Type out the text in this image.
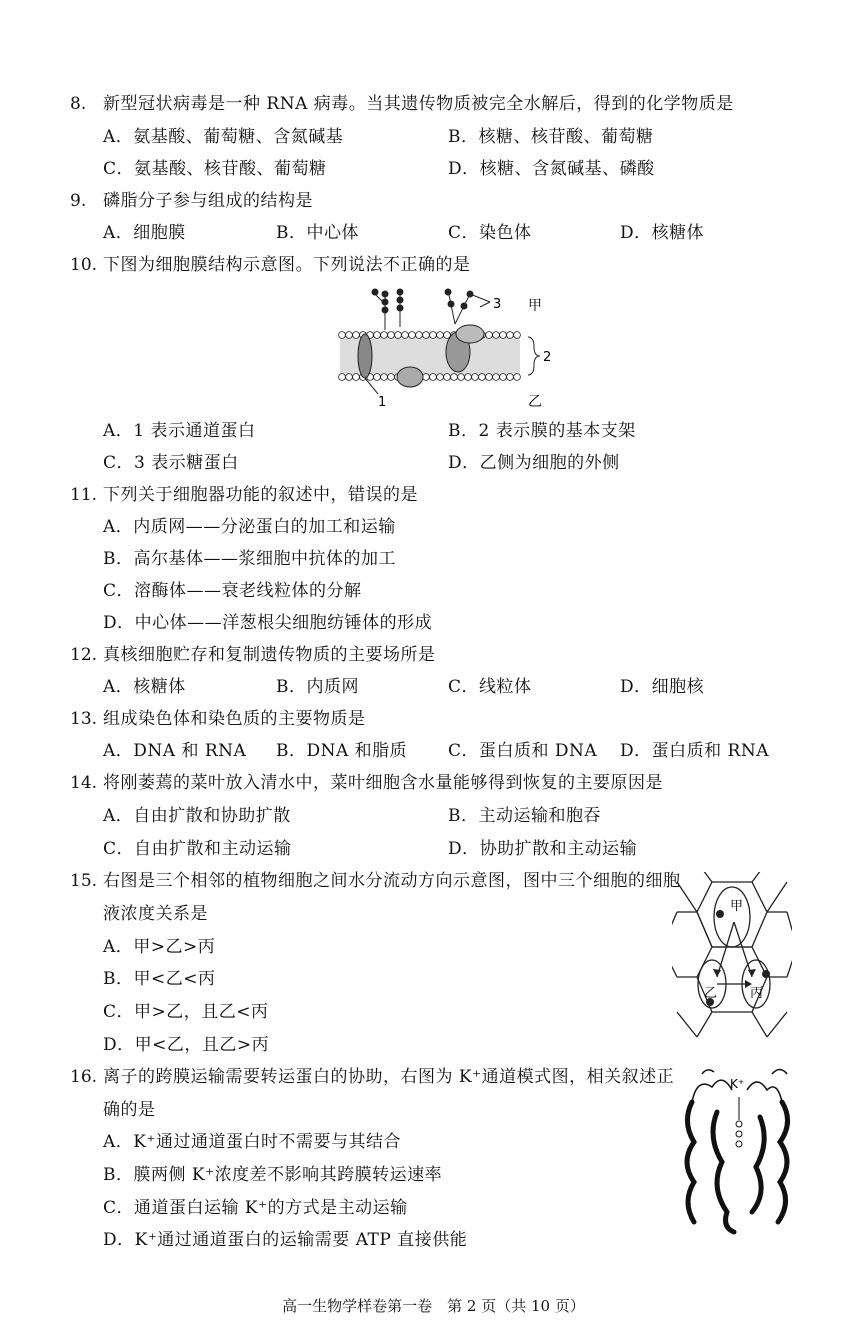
8. 新型冠状病毒是一种 RNA 病毒。当其遗传物质被完全水解后，得到的化学物质是
A．氨基酸、葡萄糖、含氮碱基	B．核糖、核苷酸、葡萄糖
C．氨基酸、核苷酸、葡萄糖	D．核糖、含氮碱基、磷酸
9. 磷脂分子参与组成的结构是
A．细胞膜	B．中心体	C．染色体	D．核糖体
10. 下图为细胞膜结构示意图。下列说法不正确的是
3 甲
2
1	乙
A．1 表示通道蛋白	B．2 表示膜的基本支架
C．3 表示糖蛋白	D．乙侧为细胞的外侧
11. 下列关于细胞器功能的叙述中，错误的是
A．内质网——分泌蛋白的加工和运输
B．高尔基体——浆细胞中抗体的加工
C．溶酶体——衰老线粒体的分解
D．中心体——洋葱根尖细胞纺锤体的形成
12. 真核细胞贮存和复制遗传物质的主要场所是
A．核糖体	B．内质网	C．线粒体	D．细胞核
13. 组成染色体和染色质的主要物质是
A．DNA 和 RNA B．DNA 和脂质 C．蛋白质和 DNA D．蛋白质和 RNA
14. 将刚萎蔫的菜叶放入清水中，菜叶细胞含水量能够得到恢复的主要原因是
A．自由扩散和协助扩散	B．主动运输和胞吞
C．自由扩散和主动运输	D．协助扩散和主动运输
15. 右图是三个相邻的植物细胞之间水分流动方向示意图，图中三个细胞的细胞
液浓度关系是
A．甲>乙>丙
B．甲<乙<丙
C．甲>乙，且乙<丙
D．甲<乙，且乙>丙
甲
乙	丙
16. 离子的跨膜运输需要转运蛋白的协助，右图为 K⁺通道模式图，相关叙述正
确的是
A．K⁺通过通道蛋白时不需要与其结合
B．膜两侧 K⁺浓度差不影响其跨膜转运速率
C．通道蛋白运输 K⁺的方式是主动运输
D．K⁺通过通道蛋白的运输需要 ATP 直接供能
K⁺
高一生物学样卷第一卷　第 2 页（共 10 页）
